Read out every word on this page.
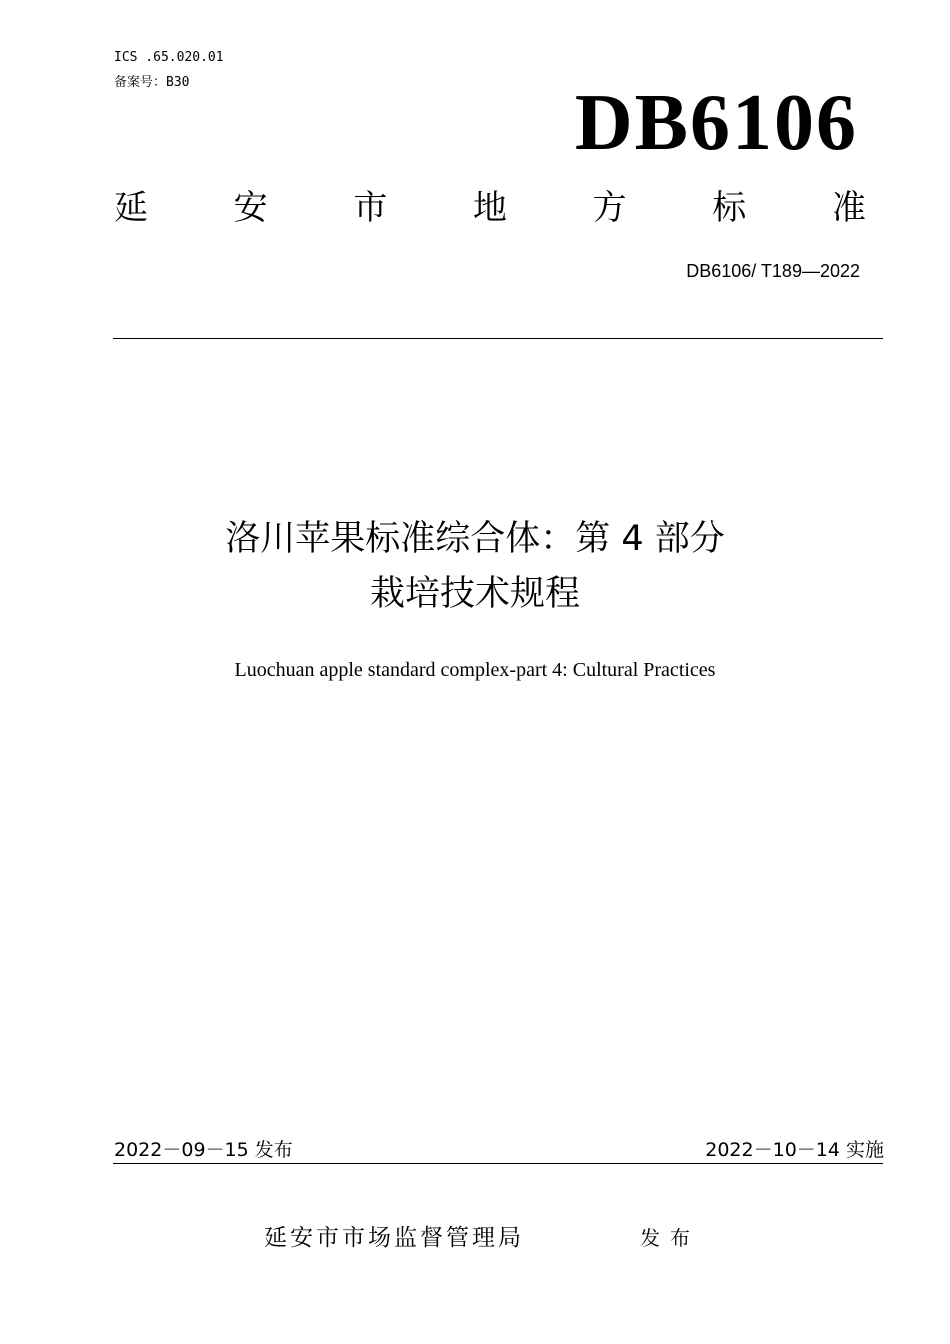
ICS .65.020.01
备案号：B30	DB6106
延	安	市	地	方	标	准
DB6106/ T189—2022
洛川苹果标准综合体：第 4 部分
栽培技术规程
Luochuan apple standard complex-part 4: Cultural Practices
2022－09－15 发布	2022－10－14 实施
延安市市场监督管理局	发布
